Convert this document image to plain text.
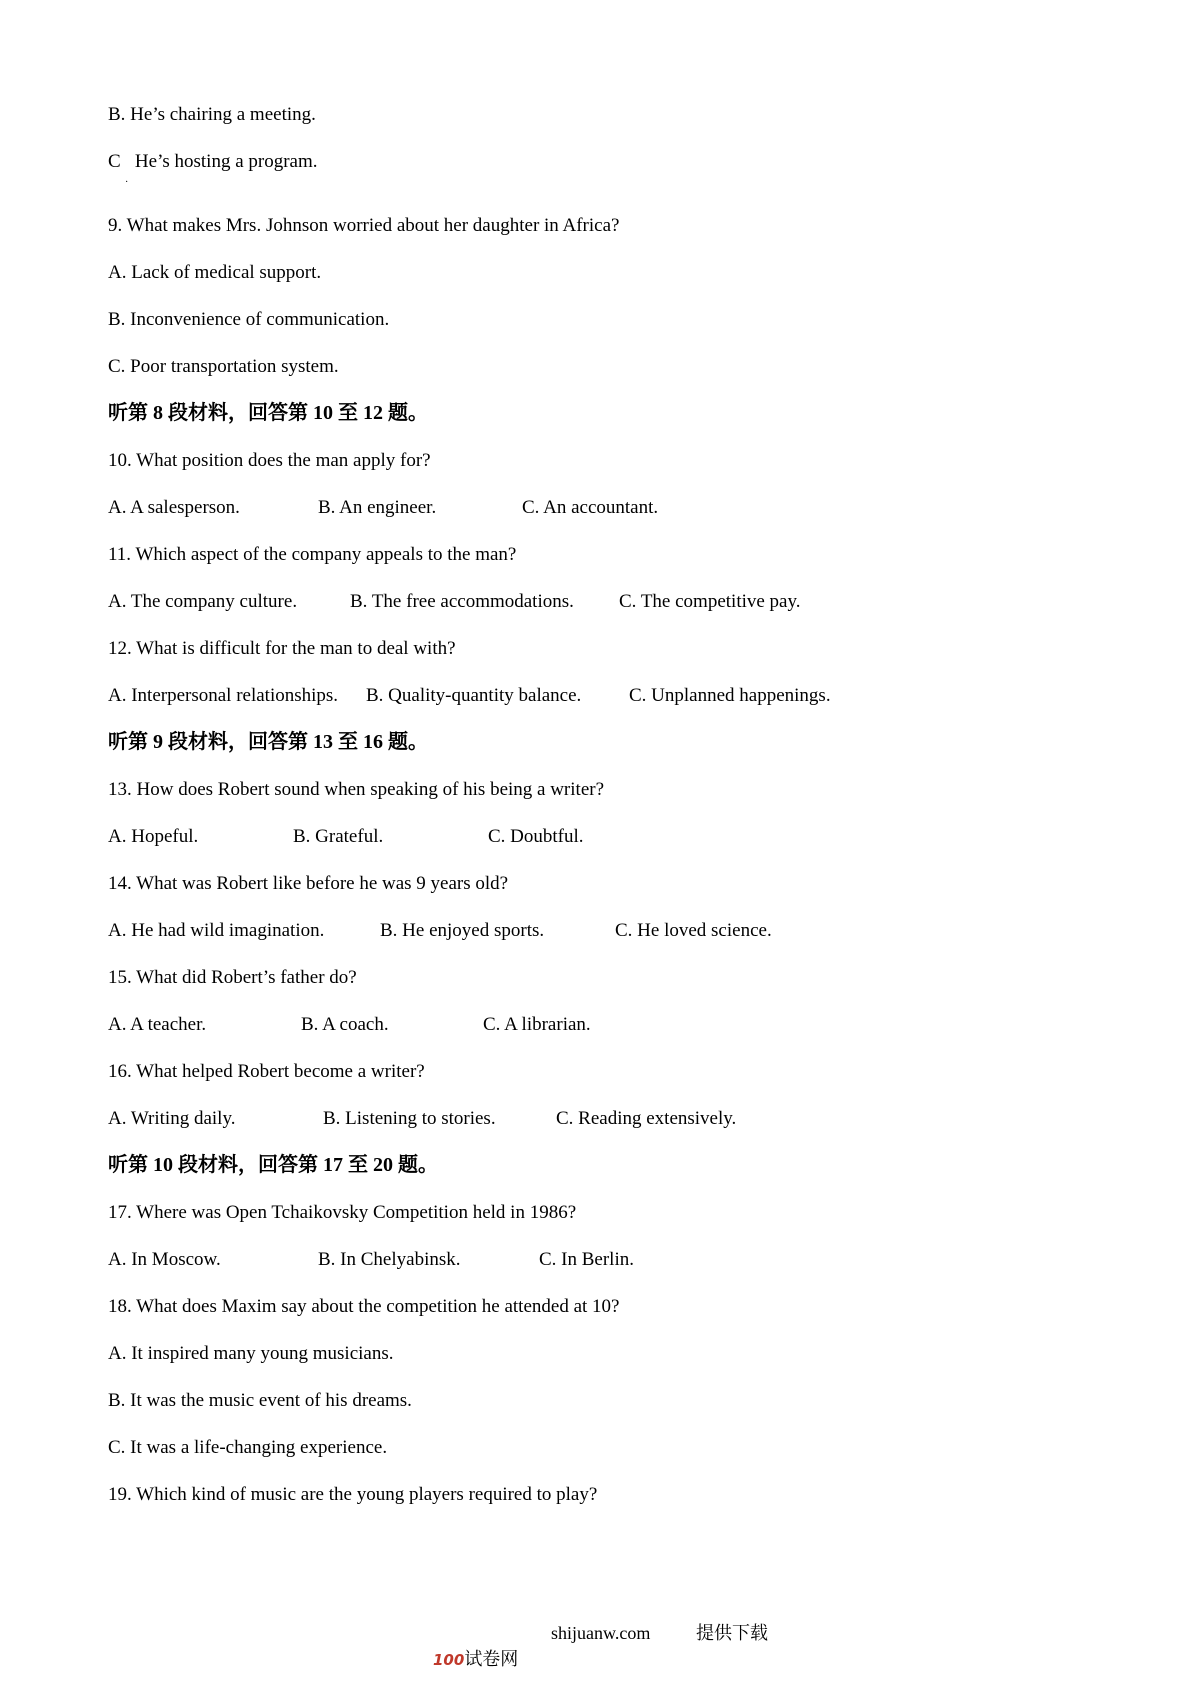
B. He’s chairing a meeting.
C   He’s hosting a program.
·
9. What makes Mrs. Johnson worried about her daughter in Africa?
A. Lack of medical support.
B. Inconvenience of communication.
C. Poor transportation system.
听第 8 段材料，回答第 10 至 12 题。
10. What position does the man apply for?
A. A salesperson.	B. An engineer.	C. An accountant.
11. Which aspect of the company appeals to the man?
A. The company culture.	B. The free accommodations. C. The competitive pay.
12. What is difficult for the man to deal with?
A. Interpersonal relationships. B. Quality-quantity balance.	C. Unplanned happenings.
听第 9 段材料，回答第 13 至 16 题。
13. How does Robert sound when speaking of his being a writer?
A. Hopeful.	B. Grateful.	C. Doubtful.
14. What was Robert like before he was 9 years old?
A. He had wild imagination.	B. He enjoyed sports.	C. He loved science.
15. What did Robert’s father do?
A. A teacher.	B. A coach.	C. A librarian.
16. What helped Robert become a writer?
A. Writing daily.	B. Listening to stories.	C. Reading extensively.
听第 10 段材料，回答第 17 至 20 题。
17. Where was Open Tchaikovsky Competition held in 1986?
A. In Moscow.	B. In Chelyabinsk.	C. In Berlin.
18. What does Maxim say about the competition he attended at 10?
A. It inspired many young musicians.
B. It was the music event of his dreams.
C. It was a life-changing experience.
19. Which kind of music are the young players required to play?

100试卷网

shijuanw.com	提供下载
